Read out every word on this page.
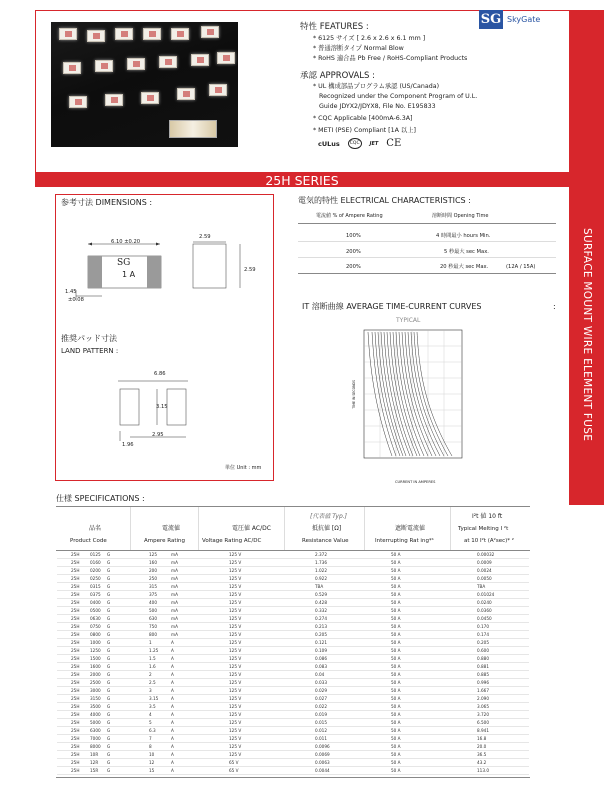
SURFACE MOUNT WIRE ELEMENT FUSE
SG SkyGate
特性 FEATURES :
* 6125 サイズ [ 2.6 x 2.6 x 6.1 mm ]
* 普通溶断タイプ Normal Blow
* RoHS 適合品 Pb Free / RoHS-Compliant Products
承認 APPROVALS :
* UL 構成部品プログラム承認 (US/Canada)
Recognized under the Component Program of U.L.
Guide JDYX2/JDYX8, File No. E195833
* CQC Applicable [400mA-6.3A]
* METI (PSE) Compliant [1A 以上]
cULus	CQC	JET CE
25H SERIES
参考寸法 DIMENSIONS :
6.10 ±0.20
SG
1 A
2.59
2.59
1.45
±0.08
推奨パッド寸法
LAND PATTERN :
6.86
3.15
2.95
1.96
単位 Unit : mm
電気的特性 ELECTRICAL CHARACTERISTICS :
電流値 % of Ampere Rating	溶断時間 Opening Time
100%	4 時間最小 hours Min.
200%	5 秒最大 sec Max.
200%	20 秒最大 sec Max.	(12A / 15A)
IT 溶断曲線 AVERAGE TIME-CURRENT CURVES	:
TYPICAL
TIME IN SECONDS
CURRENT IN AMPERES
仕様 SPECIFICATIONS :
品名
Product Code
電流値
Ampere Rating
電圧値 AC/DC
Voltage Rating AC/DC
[代表値 Typ.]
抵抗値 [Ω]
Resistance Value
遮断電流値
Interrupting Rat ing*¹
I²t 値 10 ft
Typical Melting I ²t
at 10 I²t (A²sec)* ²
25H	0125 G	125	mA	125 V	2.372	50 A	0.00032
25H	0160 G	160	mA	125 V	1.736	50 A	0.0009
25H	0200 G	200	mA	125 V	1.022	50 A	0.0024
25H	0250 G	250	mA	125 V	0.922	50 A	0.0050
25H	0315 G	315	mA	125 V	TBA	50 A	TBA
25H	0375 G	375	mA	125 V	0.529	50 A	0.01024
25H	0400 G	400	mA	125 V	0.428	50 A	0.0240
25H	0500 G	500	mA	125 V	0.332	50 A	0.0360
25H	0630 G	630	mA	125 V	0.274	50 A	0.0450
25H	0750 G	750	mA	125 V	0.213	50 A	0.170
25H	0800 G	800	mA	125 V	0.205	50 A	0.174
25H	1000 G	1	A	125 V	0.121	50 A	0.205
25H	1250 G	1.25	A	125 V	0.109	50 A	0.600
25H	1500 G	1.5	A	125 V	0.086	50 A	0.880
25H	1600 G	1.6	A	125 V	0.083	50 A	0.881
25H	2000 G	2	A	125 V	0.04	50 A	0.885
25H	2500 G	2.5	A	125 V	0.033	50 A	0.996
25H	3000 G	3	A	125 V	0.029	50 A	1.667
25H	3150 G	3.15	A	125 V	0.027	50 A	2.090
25H	3500 G	3.5	A	125 V	0.022	50 A	3.065
25H	4000 G	4	A	125 V	0.019	50 A	3.720
25H	5000 G	5	A	125 V	0.015	50 A	6.500
25H	6300 G	6.3	A	125 V	0.012	50 A	8.941
25H	7000 G	7	A	125 V	0.011	50 A	16.8
25H	8000 G	8	A	125 V	0.0096	50 A	20.0
25H	10R G	10	A	125 V	0.0069	50 A	36.5
25H	12R G	12	A	65 V	0.0063	50 A	43.2
25H	15R G	15	A	65 V	0.0044	50 A	113.0
